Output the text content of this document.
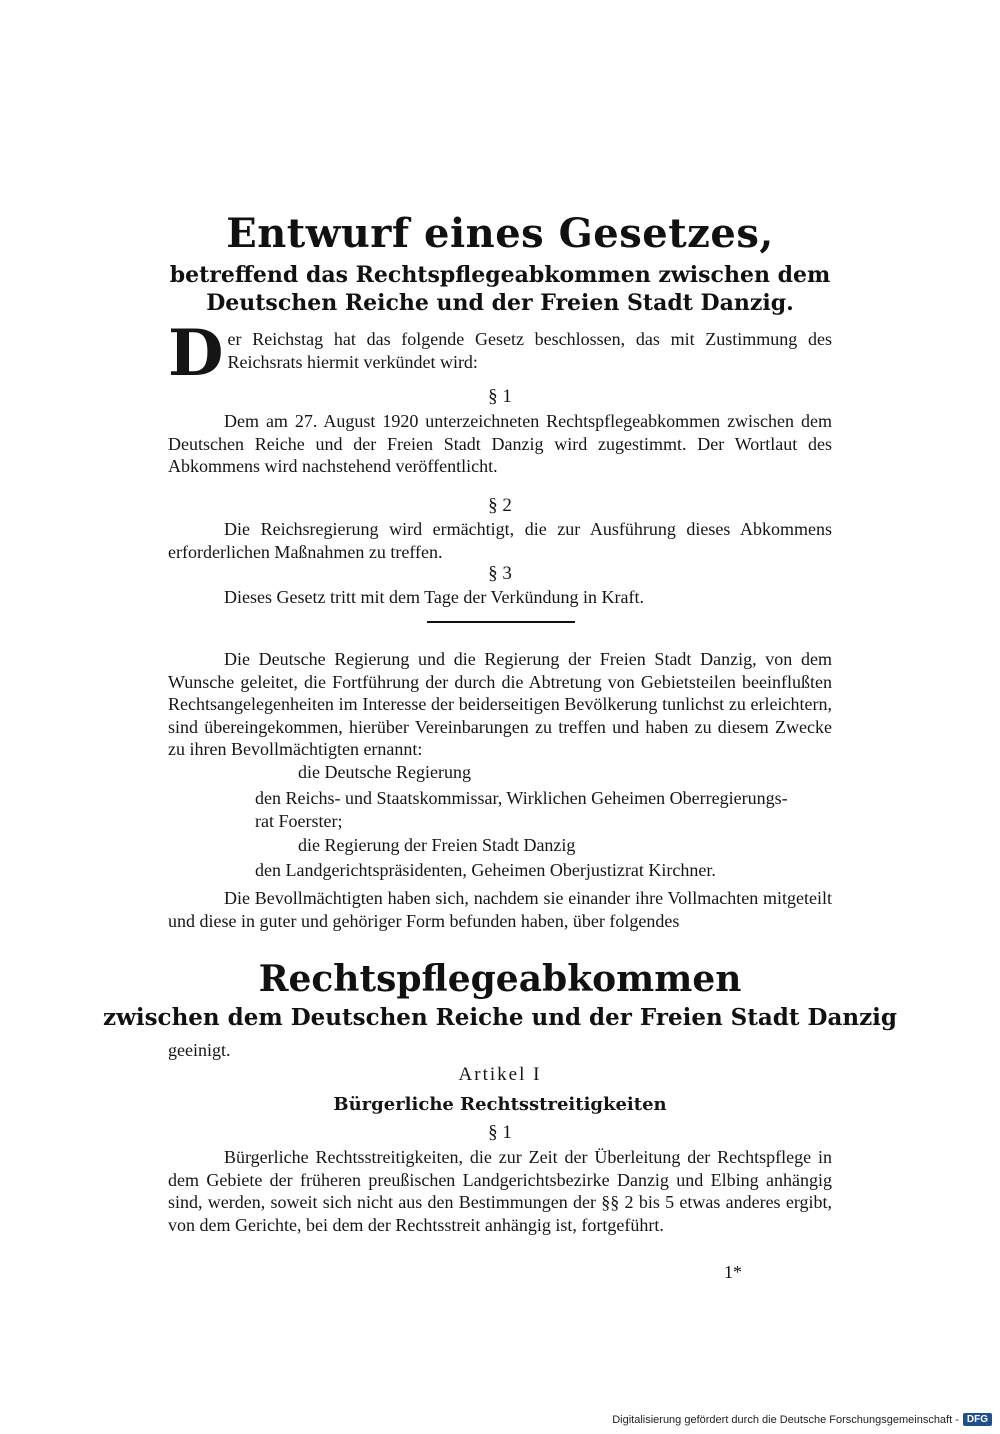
Entwurf eines Gesetzes,
betreffend das Rechtspflegeabkommen zwischen dem
Deutschen Reiche und der Freien Stadt Danzig.
Der Reichstag hat das folgende Gesetz beschlossen, das mit Zustimmung des Reichsrats hiermit verkündet wird:
§ 1
Dem am 27. August 1920 unterzeichneten Rechtspflegeabkommen zwischen dem Deutschen Reiche und der Freien Stadt Danzig wird zugestimmt. Der Wortlaut des Abkommens wird nachstehend veröffentlicht.
§ 2
Die Reichsregierung wird ermächtigt, die zur Ausführung dieses Abkommens erforderlichen Maßnahmen zu treffen.
§ 3
Dieses Gesetz tritt mit dem Tage der Verkündung in Kraft.
Die Deutsche Regierung und die Regierung der Freien Stadt Danzig, von dem Wunsche geleitet, die Fortführung der durch die Abtretung von Gebietsteilen beeinflußten Rechtsangelegenheiten im Interesse der beiderseitigen Bevölkerung tunlichst zu erleichtern, sind übereingekommen, hierüber Vereinbarungen zu treffen und haben zu diesem Zwecke zu ihren Bevollmächtigten ernannt:
die Deutsche Regierung
den Reichs- und Staatskommissar, Wirklichen Geheimen Oberregierungs-
rat Foerster;
die Regierung der Freien Stadt Danzig
den Landgerichtspräsidenten, Geheimen Oberjustizrat Kirchner.
Die Bevollmächtigten haben sich, nachdem sie einander ihre Vollmachten mitgeteilt und diese in guter und gehöriger Form befunden haben, über folgendes
Rechtspflegeabkommen
zwischen dem Deutschen Reiche und der Freien Stadt Danzig
geeinigt.
Artikel I
Bürgerliche Rechtsstreitigkeiten
§ 1
Bürgerliche Rechtsstreitigkeiten, die zur Zeit der Überleitung der Rechtspflege in dem Gebiete der früheren preußischen Landgerichtsbezirke Danzig und Elbing anhängig sind, werden, soweit sich nicht aus den Bestimmungen der §§ 2 bis 5 etwas anderes ergibt, von dem Gerichte, bei dem der Rechtsstreit anhängig ist, fortgeführt.
1*
Digitalisierung gefördert durch die Deutsche Forschungsgemeinschaft - DFG
